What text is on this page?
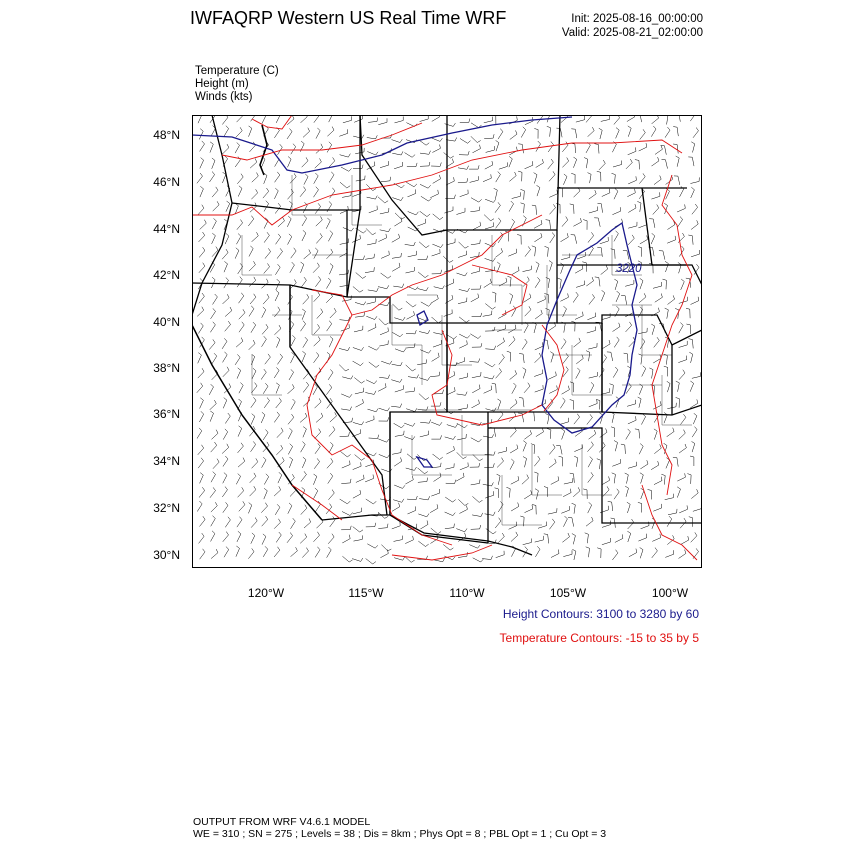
IWFAQRP Western US Real Time WRF	Init: 2025-08-16_00:00:00
Valid: 2025-08-21_02:00:00
Temperature (C)
Height (m)
Winds (kts)
3220
48°N
46°N
44°N
42°N
40°N
38°N
36°N
34°N
32°N
30°N
120°W	115°W	110°W	105°W	100°W
Height Contours: 3100 to 3280 by 60
Temperature Contours: -15 to 35 by 5
OUTPUT FROM WRF V4.6.1 MODEL
WE = 310 ; SN = 275 ; Levels = 38 ; Dis = 8km ; Phys Opt = 8 ; PBL Opt = 1 ; Cu Opt = 3
